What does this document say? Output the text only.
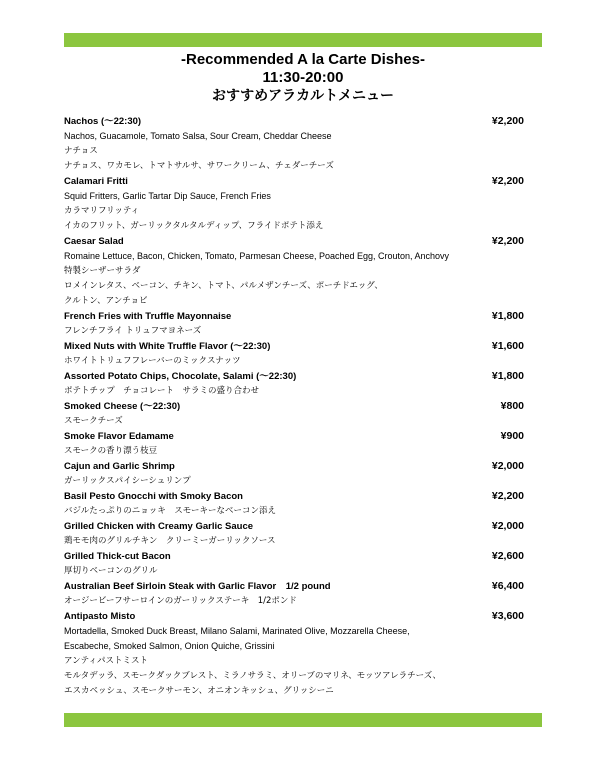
-Recommended A la Carte Dishes-
11:30-20:00
おすすめアラカルトメニュー
Nachos (～22:30)	¥2,200
Nachos, Guacamole, Tomato Salsa, Sour Cream, Cheddar Cheese
ナチョス
ナチョス、ワカモレ、トマトサルサ、サワークリーム、チェダーチーズ
Calamari Fritti	¥2,200
Squid Fritters, Garlic Tartar Dip Sauce, French Fries
カラマリフリッティ
イカのフリット、ガーリックタルタルディップ、フライドポテト添え
Caesar Salad	¥2,200
Romaine Lettuce, Bacon, Chicken, Tomato, Parmesan Cheese, Poached Egg, Crouton, Anchovy
特製シーザーサラダ
ロメインレタス、ベーコン、チキン、トマト、パルメザンチーズ、ポーチドエッグ、
クルトン、アンチョビ
French Fries with Truffle Mayonnaise	¥1,800
フレンチフライ トリュフマヨネーズ
Mixed Nuts with White Truffle Flavor (～22:30)	¥1,600
ホワイトトリュフフレーバーのミックスナッツ
Assorted Potato Chips, Chocolate, Salami (～22:30)	¥1,800
ポテトチップ　チョコレート　サラミの盛り合わせ
Smoked Cheese (～22:30)	¥800
スモークチーズ
Smoke Flavor Edamame	¥900
スモークの香り漂う枝豆
Cajun and Garlic Shrimp	¥2,000
ガーリックスパイシーシュリンプ
Basil Pesto Gnocchi with Smoky Bacon	¥2,200
バジルたっぷりのニョッキ　スモーキーなベーコン添え
Grilled Chicken with Creamy Garlic Sauce	¥2,000
鶏モモ肉のグリルチキン　クリーミーガーリックソース
Grilled Thick-cut Bacon	¥2,600
厚切りベーコンのグリル
Australian Beef Sirloin Steak with Garlic Flavor　1/2 pound	¥6,400
オージービーフサーロインのガーリックステーキ　1/2ポンド
Antipasto Misto	¥3,600
Mortadella, Smoked Duck Breast, Milano Salami, Marinated Olive, Mozzarella Cheese,
Escabeche, Smoked Salmon, Onion Quiche, Grissini
アンティパストミスト
モルタデッラ、スモークダックブレスト、ミラノサラミ、オリーブのマリネ、モッツアレラチーズ、
エスカベッシュ、スモークサーモン、オニオンキッシュ、グリッシーニ
